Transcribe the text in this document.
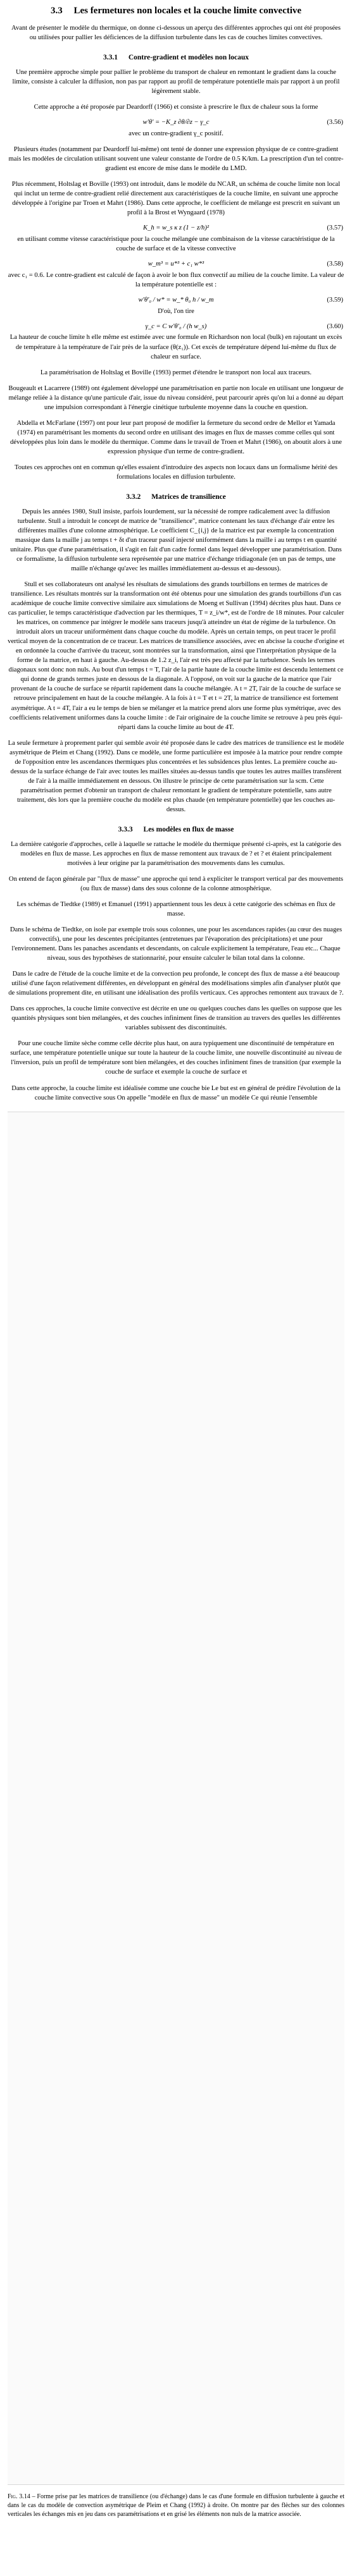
3.3 Les fermetures non locales et la couche limite convective

Avant de présenter le modèle du thermique, on donne ci-dessous un aperçu des différentes approches qui ont été proposées ou utilisées pour pallier les déficiences de la diffusion turbulente dans les cas de couches limites convectives.

3.3.1 Contre-gradient et modèles non locaux

Une première approche simple pour pallier le problème du transport de chaleur en remontant le gradient dans la couche limite, consiste à calculer la diffusion, non pas par rapport au profil de température potentielle mais par rapport à un profil légèrement stable.

Cette approche a été proposée par Deardorff (1966) et consiste à prescrire le flux de chaleur sous la forme

w′θ′ = −K_z ∂θ/∂z − γ_c	(3.56)

avec un contre-gradient γ_c positif.

Plusieurs études (notamment par Deardorff lui-même) ont tenté de donner une expression physique de ce contre-gradient mais les modèles de circulation utilisant souvent une valeur constante de l'ordre de 0.5 K/km. La prescription d'un tel contre-gradient est encore de mise dans le modèle du LMD.

Plus récemment, Holtslag et Boville (1993) ont introduit, dans le modèle du NCAR, un schéma de couche limite non local qui inclut un terme de contre-gradient relié directement aux caractéristiques de la couche limite, en suivant une approche développée à l'origine par Troen et Mahrt (1986). Dans cette approche, le coefficient de mélange est prescrit en suivant un profil à la Brost et Wyngaard (1978)

K_h = w_s κ z (1 − z/h)²	(3.57)

en utilisant comme vitesse caractéristique pour la couche mélangée une combinaison de la vitesse caractéristique de la couche de surface et de la vitesse convective

w_m³ = u*³ + c₁ w*³	(3.58)

avec c₁ = 0.6. Le contre-gradient est calculé de façon à avoir le bon flux convectif au milieu de la couche limite. La valeur de la température potentielle est :

w′θ′₀ / w* = w_* θ₀ h / w_m	(3.59)

D'où, l'on tire

γ_c = C w′θ′₀ / (h w_s)	(3.60)

La hauteur de couche limite h elle même est estimée avec une formule en Richardson non local (bulk) en rajoutant un excès de température à la température de l'air près de la surface (θ(z₁)). Cet excès de température dépend lui-même du flux de chaleur en surface.

La paramétrisation de Holtslag et Boville (1993) permet d'étendre le transport non local aux traceurs.

Bougeault et Lacarrere (1989) ont également développé une paramétrisation en partie non locale en utilisant une longueur de mélange reliée à la distance qu'une particule d'air, issue du niveau considéré, peut parcourir après qu'on lui a donné au départ une impulsion correspondant à l'énergie cinétique turbulente moyenne dans la couche en question.

Abdella et McFarlane (1997) ont pour leur part proposé de modifier la fermeture du second ordre de Mellor et Yamada (1974) en paramétrisant les moments du second ordre en utilisant des images en flux de masses comme celles qui sont développées plus loin dans le modèle du thermique. Comme dans le travail de Troen et Mahrt (1986), on aboutit alors à une expression physique d'un terme de contre-gradient.

Toutes ces approches ont en commun qu'elles essaient d'introduire des aspects non locaux dans un formalisme hérité des formulations locales en diffusion turbulente.

3.3.2 Matrices de transilience

Depuis les années 1980, Stull insiste, parfois lourdement, sur la nécessité de rompre radicalement avec la diffusion turbulente. Stull a introduit le concept de matrice de "transilience", matrice contenant les taux d'échange d'air entre les différentes mailles d'une colonne atmosphérique. Le coefficient C_{i,j} de la matrice est par exemple la concentration massique dans la maille j au temps t + δt d'un traceur passif injecté uniformément dans la maille i au temps t en quantité unitaire. Plus que d'une paramétrisation, il s'agit en fait d'un cadre formel dans lequel développer une paramétrisation. Dans ce formalisme, la diffusion turbulente sera représentée par une matrice d'échange tridiagonale (en un pas de temps, une maille n'échange qu'avec les mailles immédiatement au-dessus et au-dessous).

Stull et ses collaborateurs ont analysé les résultats de simulations des grands tourbillons en termes de matrices de transilience. Les résultats montrés sur la transformation ont été obtenus pour une simulation des grands tourbillons d'un cas académique de couche limite convective similaire aux simulations de Moeng et Sullivan (1994) décrites plus haut. Dans ce cas particulier, le temps caractéristique d'advection par les thermiques, T = z_i/w*, est de l'ordre de 18 minutes. Pour calculer les matrices, on commence par intégrer le modèle sans traceurs jusqu'à atteindre un état de régime de la turbulence. On introduit alors un traceur uniformément dans chaque couche du modèle. Après un certain temps, on peut tracer le profil vertical moyen de la concentration de ce traceur. Les matrices de transilience associées, avec en abcisse la couche d'origine et en ordonnée la couche d'arrivée du traceur, sont montrées sur la transformation, ainsi que l'interprétation physique de la forme de la matrice, en haut à gauche. Au-dessus de 1.2 z_i, l'air est très peu affecté par la turbulence. Seuls les termes diagonaux sont donc non nuls. Au bout d'un temps t = T, l'air de la partie haute de la couche limite est descendu lentement ce qui donne de grands termes juste en dessous de la diagonale. A l'opposé, on voit sur la gauche de la matrice que l'air provenant de la couche de surface se répartit rapidement dans la couche mélangée. A t = 2T, l'air de la couche de surface se retrouve principalement en haut de la couche mélangée. A la fois à t = T et t = 2T, la matrice de transilience est fortement asymétrique. A t = 4T, l'air a eu le temps de bien se mélanger et la matrice prend alors une forme plus symétrique, avec des coefficients relativement uniformes dans la couche limite : de l'air originaire de la couche limite se retrouve à peu près équi-réparti dans la couche limite au bout de 4T.

La seule fermeture à proprement parler qui semble avoir été proposée dans le cadre des matrices de transilience est le modèle asymétrique de Pleim et Chang (1992). Dans ce modèle, une forme particulière est imposée à la matrice pour rendre compte de l'opposition entre les ascendances thermiques plus concentrées et les subsidences plus lentes. La première couche au-dessus de la surface échange de l'air avec toutes les mailles situées au-dessus tandis que toutes les autres mailles transfèrent de l'air à la maille immédiatement en dessous. On illustre le principe de cette paramétrisation sur la scm. Cette paramétrisation permet d'obtenir un transport de chaleur remontant le gradient de température potentielle, sans autre traitement, dès lors que la première couche du modèle est plus chaude (en température potentielle) que les couches au-dessus.

3.3.3 Les modèles en flux de masse

La dernière catégorie d'approches, celle à laquelle se rattache le modèle du thermique présenté ci-après, est la catégorie des modèles en flux de masse. Les approches en flux de masse remontent aux travaux de ? et ? et étaient principalement motivées à leur origine par la paramétrisation des mouvements dans les cumulus.

On entend de façon générale par "flux de masse" une approche qui tend à expliciter le transport vertical par des mouvements (ou flux de masse) dans des sous colonne de la colonne atmosphérique.

Les schémas de Tiedtke (1989) et Emanuel (1991) appartiennent tous les deux à cette catégorie des schémas en flux de masse.

Dans le schéma de Tiedtke, on isole par exemple trois sous colonnes, une pour les ascendances rapides (au cœur des nuages convectifs), une pour les descentes précipitantes (entretenues par l'évaporation des précipitations) et une pour l'environnement. Dans les panaches ascendants et descendants, on calcule explicitement la température, l'eau etc... Chaque niveau, sous des hypothèses de stationnarité, pour ensuite calculer le bilan total dans la colonne.

Dans le cadre de l'étude de la couche limite et de la convection peu profonde, le concept des flux de masse a été beaucoup utilisé d'une façon relativement différentes, en développant en général des modélisations simples afin d'analyser plutôt que de simulations proprement dite, en utilisant une idéalisation des profils verticaux. Ces approches remontent aux travaux de ?.

Dans ces approches, la couche limite convective est décrite en une ou quelques couches dans les quelles on suppose que les quantités physiques sont bien mélangées, et des couches infiniment fines de transition au travers des quelles les différentes variables subissent des discontinuités.

Pour une couche limite sèche comme celle décrite plus haut, on aura typiquement une discontinuité de température en surface, une température potentielle unique sur toute la hauteur de la couche limite, une nouvelle discontinuité au niveau de l'inversion, puis un profil de température sont bien mélangées, et des couches infiniment fines de transition (par exemple la couche de surface et exemple la couche de surface et

Dans cette approche, la couche limite est idéalisée comme une couche bie Le but est en général de prédire l'évolution de la couche limite convective sous On appelle "modèle en flux de masse" un modèle Ce qui réunie l'ensemble

Fig. 3.14 – Forme prise par les matrices de transilience (ou d'échange) dans le cas d'une formule en diffusion turbulente à gauche et dans le cas du modèle de convection asymétrique de Pleim et Chang (1992) à droite. On montre par des flèches sur des colonnes verticales les échanges mis en jeu dans ces paramétrisations et en grisé les éléments non nuls de la matrice associée.
